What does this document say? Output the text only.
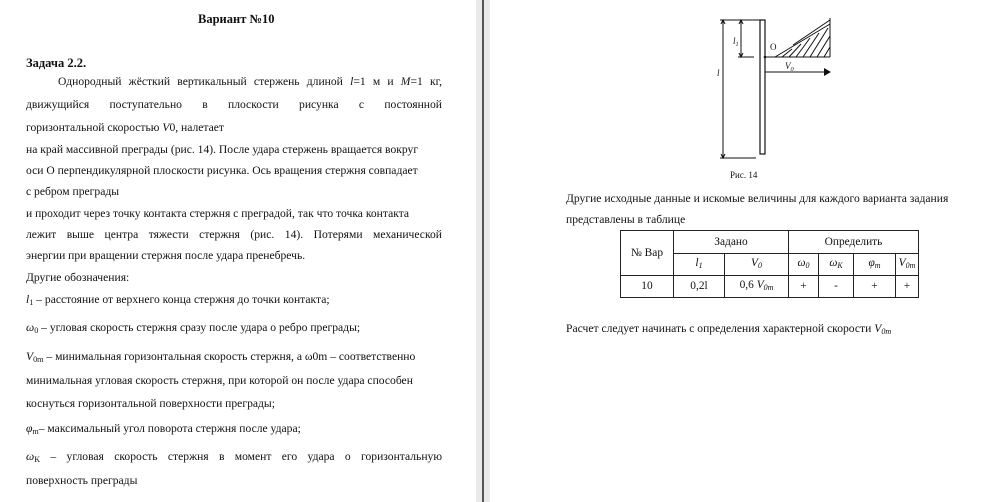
Вариант №10
Задача 2.2.
Однородный жёсткий вертикальный стержень длиной l=1 м и M=1 кг,
движущийся поступательно в плоскости рисунка с постоянной
горизонтальной скоростью V0, налетает
на край массивной преграды (рис. 14). После удара стержень вращается вокруг
оси О перпендикулярной плоскости рисунка. Ось вращения стержня совпадает
с ребром преграды
и проходит через точку контакта стержня с преградой, так что точка контакта
лежит выше центра тяжести стержня (рис. 14). Потерями механической
энергии при вращении стержня после удара пренебречь.
Другие обозначения:
$l_1$ – расстояние от верхнего конца стержня до точки контакта;
$\omega_0$ – угловая скорость стержня сразу после удара о ребро преграды;
$V_{0m}$ – минимальная горизонтальная скорость стержня, а ω0m – соответственно
минимальная угловая скорость стержня, при которой он после удара способен
коснуться горизонтальной поверхности преграды;
$\varphi_m-$ максимальный угол поворота стержня после удара;
$\omega_K$ – угловая скорость стержня в момент его удара о горизонтальную
поверхность преграды
$l_1$
l
O
$V_0$
Рис. 14
Другие исходные данные и искомые величины для каждого варианта задания
представлены в таблице
№ Вар	Задано		Определить			
	$l_1$	$V_0$	$\omega_0$	$\omega_K$	$\varphi_m$	$V_{0m}$
10	0,2l	0,6 $V_{0m}$	+	-	+	+
Расчет следует начинать с определения характерной скорости $V_{0m}$
